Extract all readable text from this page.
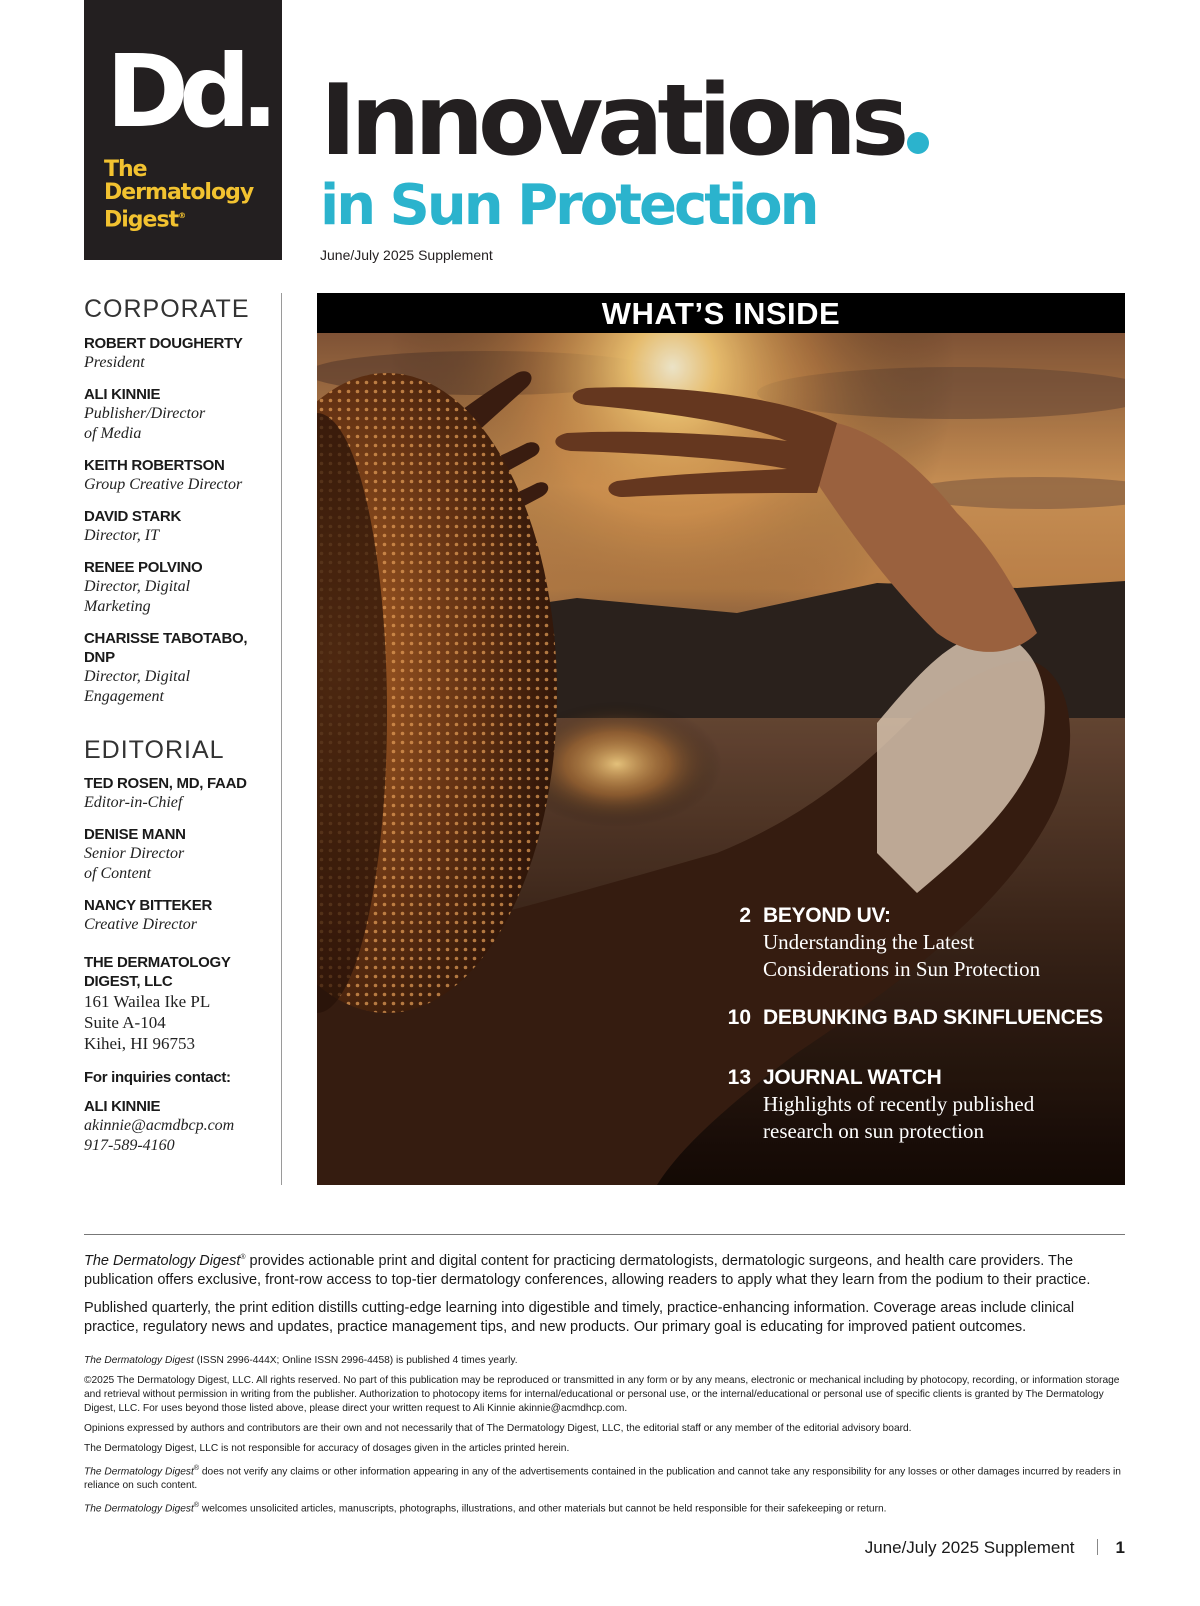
Dd.
The
Dermatology
Digest®
Innovations
in Sun Protection
June/July 2025 Supplement
CORPORATE
ROBERT DOUGHERTY
President
ALI KINNIE
Publisher/Director
of Media
KEITH ROBERTSON
Group Creative Director
DAVID STARK
Director, IT
RENEE POLVINO
Director, Digital
Marketing
CHARISSE TABOTABO, DNP
Director, Digital
Engagement
EDITORIAL
TED ROSEN, MD, FAAD
Editor-in-Chief
DENISE MANN
Senior Director
of Content
NANCY BITTEKER
Creative Director
THE DERMATOLOGY
DIGEST, LLC
161 Wailea Ike PL
Suite A-104
Kihei, HI 96753
For inquiries contact:
ALI KINNIE
akinnie@acmdbcp.com
917-589-4160
WHAT’S INSIDE
2 BEYOND UV:
Understanding the Latest
Considerations in Sun Protection
10 DEBUNKING BAD SKINFLUENCES
13 JOURNAL WATCH
Highlights of recently published
research on sun protection

The Dermatology Digest® provides actionable print and digital content for practicing dermatologists, dermatologic surgeons, and health care providers. The publication offers exclusive, front-row access to top-tier dermatology conferences, allowing readers to apply what they learn from the podium to their practice.

Published quarterly, the print edition distills cutting-edge learning into digestible and timely, practice-enhancing information. Coverage areas include clinical practice, regulatory news and updates, practice management tips, and new products. Our primary goal is educating for improved patient outcomes.

The Dermatology Digest (ISSN 2996-444X; Online ISSN 2996-4458) is published 4 times yearly.

©2025 The Dermatology Digest, LLC. All rights reserved. No part of this publication may be reproduced or transmitted in any form or by any means, electronic or mechanical including by photocopy, recording, or information storage and retrieval without permission in writing from the publisher. Authorization to photocopy items for internal/educational or personal use, or the internal/educational or personal use of specific clients is granted by The Dermatology Digest, LLC. For uses beyond those listed above, please direct your written request to Ali Kinnie akinnie@acmdhcp.com.

Opinions expressed by authors and contributors are their own and not necessarily that of The Dermatology Digest, LLC, the editorial staff or any member of the editorial advisory board.

The Dermatology Digest, LLC is not responsible for accuracy of dosages given in the articles printed herein.

The Dermatology Digest® does not verify any claims or other information appearing in any of the advertisements contained in the publication and cannot take any responsibility for any losses or other damages incurred by readers in reliance on such content.

The Dermatology Digest® welcomes unsolicited articles, manuscripts, photographs, illustrations, and other materials but cannot be held responsible for their safekeeping or return.

June/July 2025 Supplement 1
